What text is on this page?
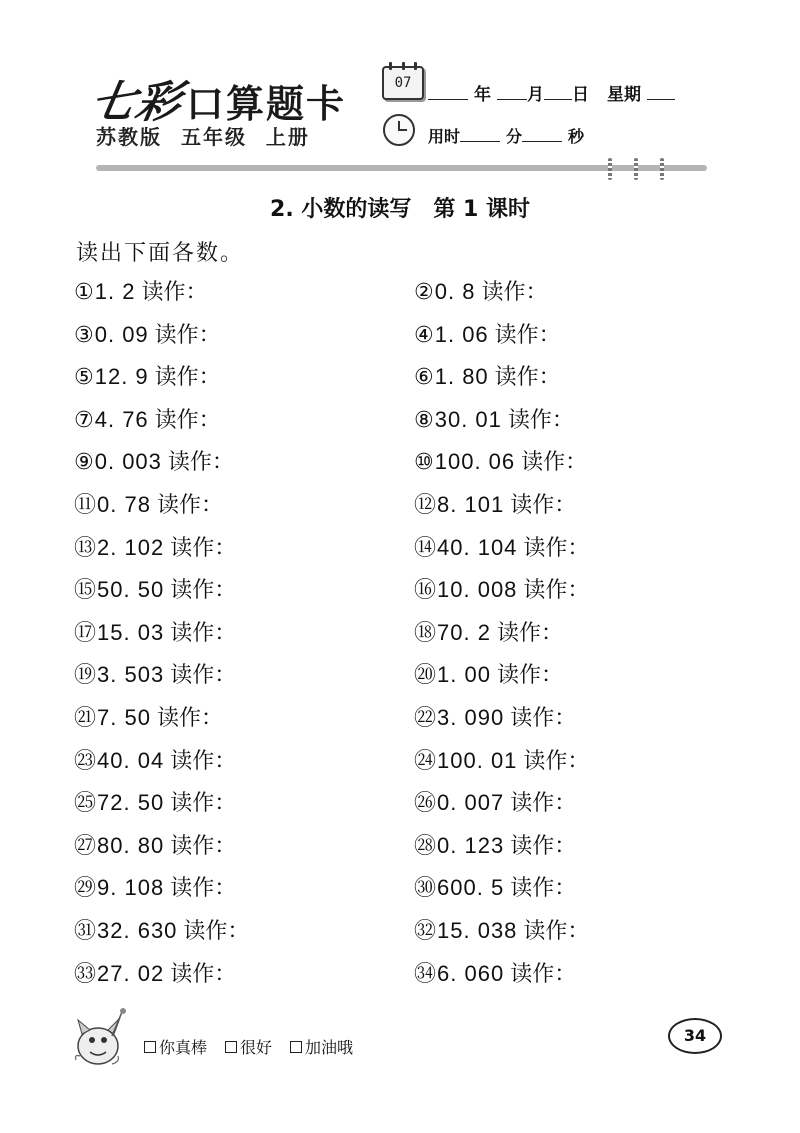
七彩口算题卡
苏教版 五年级 上册
07
年 月 日 星期
用时	分	秒
2. 小数的读写　第 1 课时
读出下面各数。
①1. 2 读作：	②0. 8 读作：
③0. 09 读作：	④1. 06 读作：
⑤12. 9 读作：	⑥1. 80 读作：
⑦4. 76 读作：	⑧30. 01 读作：
⑨0. 003 读作：	⑩100. 06 读作：
⑪0. 78 读作：	⑫8. 101 读作：
⑬2. 102 读作：	⑭40. 104 读作：
⑮50. 50 读作：	⑯10. 008 读作：
⑰15. 03 读作：	⑱70. 2 读作：
⑲3. 503 读作：	⑳1. 00 读作：
㉑7. 50 读作：	㉒3. 090 读作：
㉓40. 04 读作：	㉔100. 01 读作：
㉕72. 50 读作：	㉖0. 007 读作：
㉗80. 80 读作：	㉘0. 123 读作：
㉙9. 108 读作：	㉚600. 5 读作：
㉛32. 630 读作：	㉜15. 038 读作：
㉝27. 02 读作：	㉞6. 060 读作：
你真棒 很好 加油哦
34
